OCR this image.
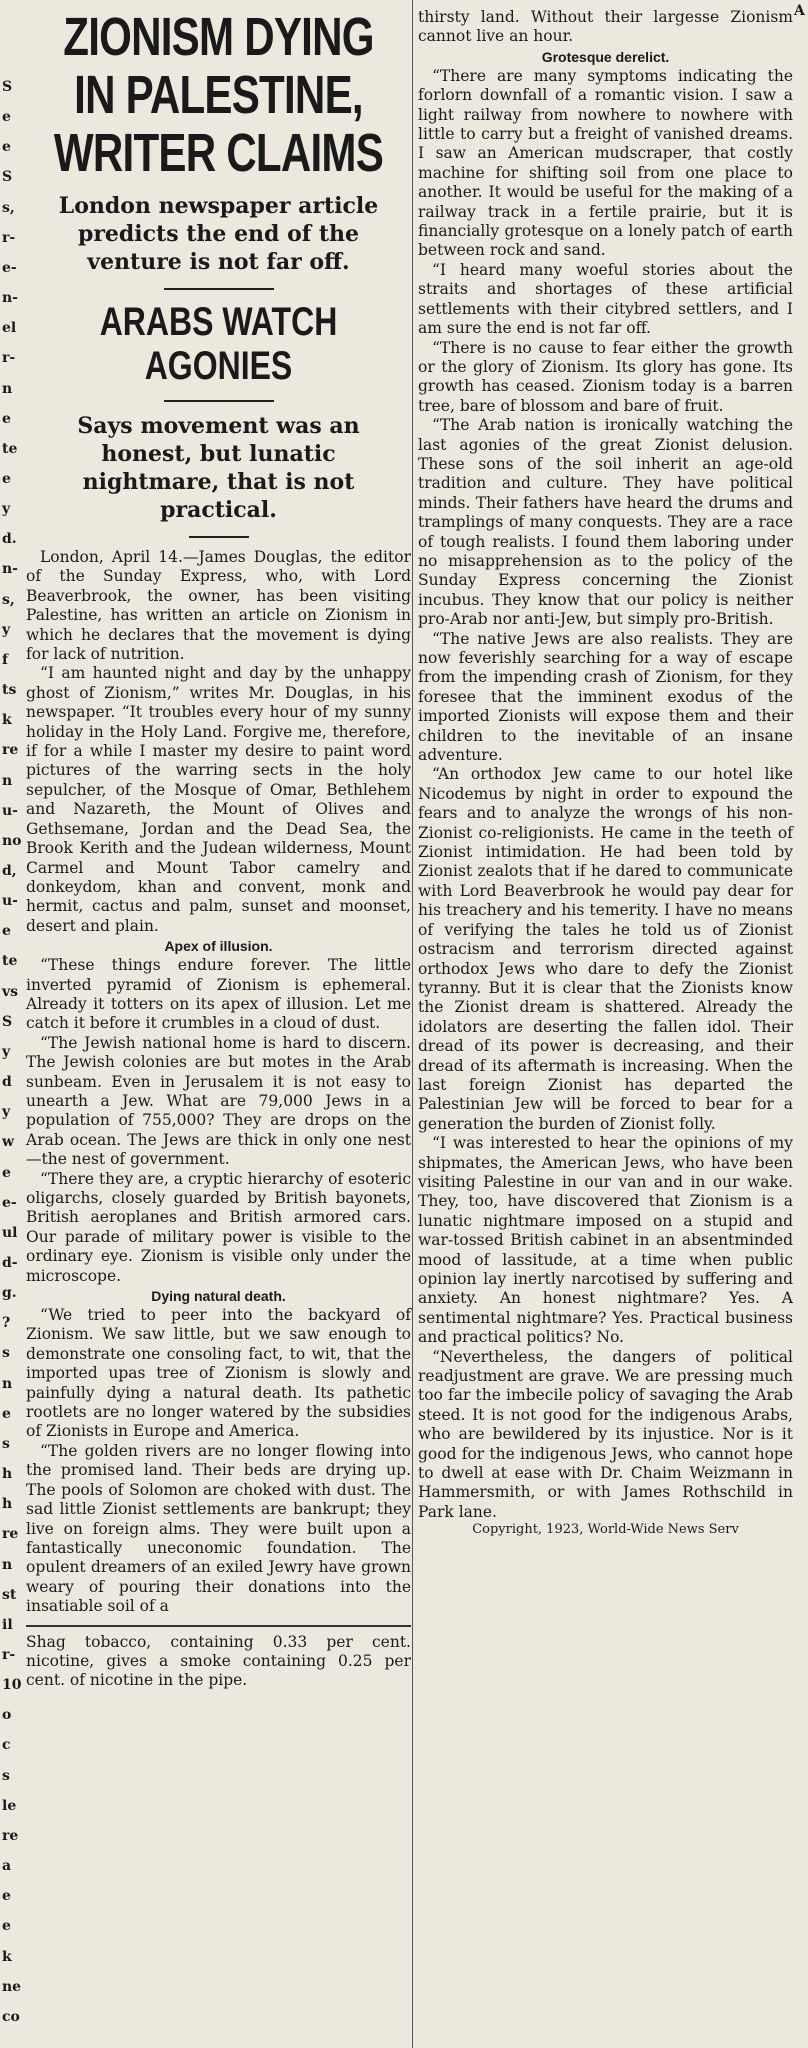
S
e
e
S
s,
r-
e-
n-
el
r-
n
e
te
e
y
d.
n-
s,
y
f
ts
k
re
n
u-
no
d,
u-
e
te
vs
S
y
d
y
w
e
e-
ul
d-
g.
?
s
n
e
s
h
h
re
n
st
il
r-
10
o
c
s
le
re
a
e
e
k
ne
co
A
ZIONISM DYING
IN PALESTINE,
WRITER CLAIMS
London newspaper article predicts the end of the venture is not far off.
ARABS WATCH AGONIES
Says movement was an honest, but lunatic nightmare, that is not practical.

London, April 14.—James Douglas, the editor of the Sunday Express, who, with Lord Beaverbrook, the owner, has been visiting Palestine, has written an article on Zionism in which he declares that the movement is dying for lack of nutrition.

“I am haunted night and day by the unhappy ghost of Zionism,” writes Mr. Douglas, in his newspaper. “It troubles every hour of my sunny holiday in the Holy Land. Forgive me, therefore, if for a while I master my desire to paint word pictures of the warring sects in the holy sepulcher, of the Mosque of Omar, Bethlehem and Nazareth, the Mount of Olives and Gethsemane, Jordan and the Dead Sea, the Brook Kerith and the Judean wilderness, Mount Carmel and Mount Tabor camelry and donkeydom, khan and convent, monk and hermit, cactus and palm, sunset and moonset, desert and plain.

Apex of illusion.

“These things endure forever. The little inverted pyramid of Zionism is ephemeral. Already it totters on its apex of illusion. Let me catch it before it crumbles in a cloud of dust.

“The Jewish national home is hard to discern. The Jewish colonies are but motes in the Arab sunbeam. Even in Jerusalem it is not easy to unearth a Jew. What are 79,000 Jews in a population of 755,000? They are drops on the Arab ocean. The Jews are thick in only one nest —the nest of government.

“There they are, a cryptic hierarchy of esoteric oligarchs, closely guarded by British bayonets, British aeroplanes and British armored cars. Our parade of military power is visible to the ordinary eye. Zionism is visible only under the microscope.

Dying natural death.

“We tried to peer into the backyard of Zionism. We saw little, but we saw enough to demonstrate one consoling fact, to wit, that the imported upas tree of Zionism is slowly and painfully dying a natural death. Its pathetic rootlets are no longer watered by the subsidies of Zionists in Europe and America.

“The golden rivers are no longer flowing into the promised land. Their beds are drying up. The pools of Solomon are choked with dust. The sad little Zionist settlements are bankrupt; they live on foreign alms. They were built upon a fantastically uneconomic foundation. The opulent dreamers of an exiled Jewry have grown weary of pouring their donations into the insatiable soil of a

Shag tobacco, containing 0.33 per cent. nicotine, gives a smoke containing 0.25 per cent. of nicotine in the pipe.

thirsty land. Without their largesse Zionism cannot live an hour.

Grotesque derelict.

“There are many symptoms indicating the forlorn downfall of a romantic vision. I saw a light railway from nowhere to nowhere with little to carry but a freight of vanished dreams. I saw an American mudscraper, that costly machine for shifting soil from one place to another. It would be useful for the making of a railway track in a fertile prairie, but it is financially grotesque on a lonely patch of earth between rock and sand.

“I heard many woeful stories about the straits and shortages of these artificial settlements with their citybred settlers, and I am sure the end is not far off.

“There is no cause to fear either the growth or the glory of Zionism. Its glory has gone. Its growth has ceased. Zionism today is a barren tree, bare of blossom and bare of fruit.

“The Arab nation is ironically watching the last agonies of the great Zionist delusion. These sons of the soil inherit an age-old tradition and culture. They have political minds. Their fathers have heard the drums and tramplings of many conquests. They are a race of tough realists. I found them laboring under no misapprehension as to the policy of the Sunday Express concerning the Zionist incubus. They know that our policy is neither pro-Arab nor anti-Jew, but simply pro-British.

“The native Jews are also realists. They are now feverishly searching for a way of escape from the impending crash of Zionism, for they foresee that the imminent exodus of the imported Zionists will expose them and their children to the inevitable of an insane adventure.

“An orthodox Jew came to our hotel like Nicodemus by night in order to expound the fears and to analyze the wrongs of his non-Zionist co-religionists. He came in the teeth of Zionist intimidation. He had been told by Zionist zealots that if he dared to communicate with Lord Beaverbrook he would pay dear for his treachery and his temerity. I have no means of verifying the tales he told us of Zionist ostracism and terrorism directed against orthodox Jews who dare to defy the Zionist tyranny. But it is clear that the Zionists know the Zionist dream is shattered. Already the idolators are deserting the fallen idol. Their dread of its power is decreasing, and their dread of its aftermath is increasing. When the last foreign Zionist has departed the Palestinian Jew will be forced to bear for a generation the burden of Zionist folly.

“I was interested to hear the opinions of my shipmates, the American Jews, who have been visiting Palestine in our van and in our wake. They, too, have discovered that Zionism is a lunatic nightmare imposed on a stupid and war-tossed British cabinet in an absentminded mood of lassitude, at a time when public opinion lay inertly narcotised by suffering and anxiety. An honest nightmare? Yes. A sentimental nightmare? Yes. Practical business and practical politics? No.

“Nevertheless, the dangers of political readjustment are grave. We are pressing much too far the imbecile policy of savaging the Arab steed. It is not good for the indigenous Arabs, who are bewildered by its injustice. Nor is it good for the indigenous Jews, who cannot hope to dwell at ease with Dr. Chaim Weizmann in Hammersmith, or with James Rothschild in Park lane.

Copyright, 1923, World-Wide News Serv
